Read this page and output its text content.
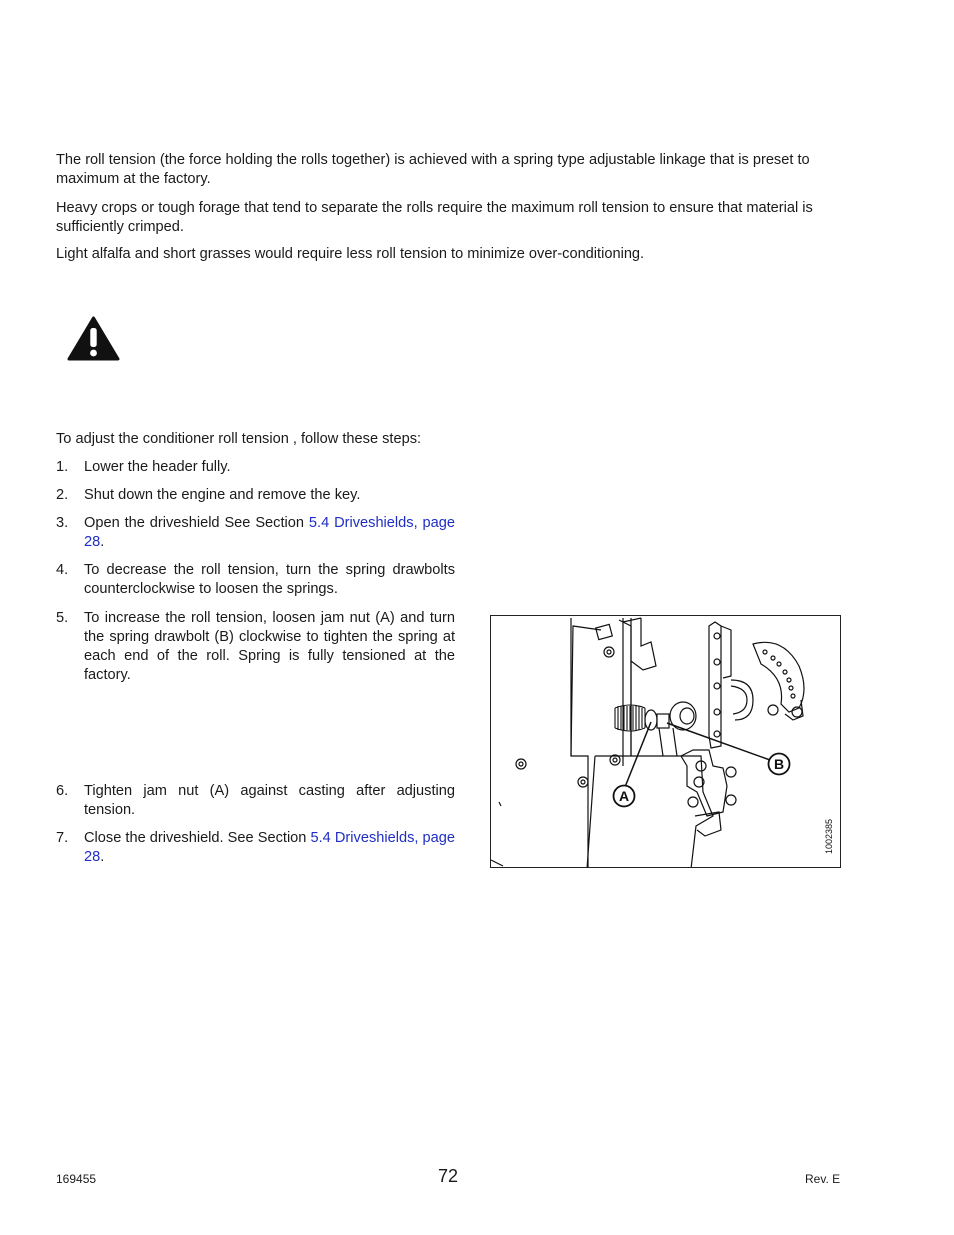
The roll tension (the force holding the rolls together) is achieved with a spring type adjustable linkage that is preset to maximum at the factory.

Heavy crops or tough forage that tend to separate the rolls require the maximum roll tension to ensure that material is sufficiently crimped.

Light alfalfa and short grasses would require less roll tension to minimize over-conditioning.

To adjust the conditioner roll tension , follow these steps:

1.	Lower the header fully.
2.	Shut down the engine and remove the key.
3.	Open the driveshield See Section 5.4 Driveshields, page 28.
4.	To decrease the roll tension, turn the spring drawbolts counterclockwise to loosen the springs.
5.	To increase the roll tension, loosen jam nut (A) and turn the spring drawbolt (B) clockwise to tighten the spring at each end of the roll. Spring is fully tensioned at the factory.
6.	Tighten jam nut (A) against casting after adjusting tension.
7.	Close the driveshield. See Section 5.4 Driveshields, page 28.
A
B
1002385
169455	72	Rev. E
